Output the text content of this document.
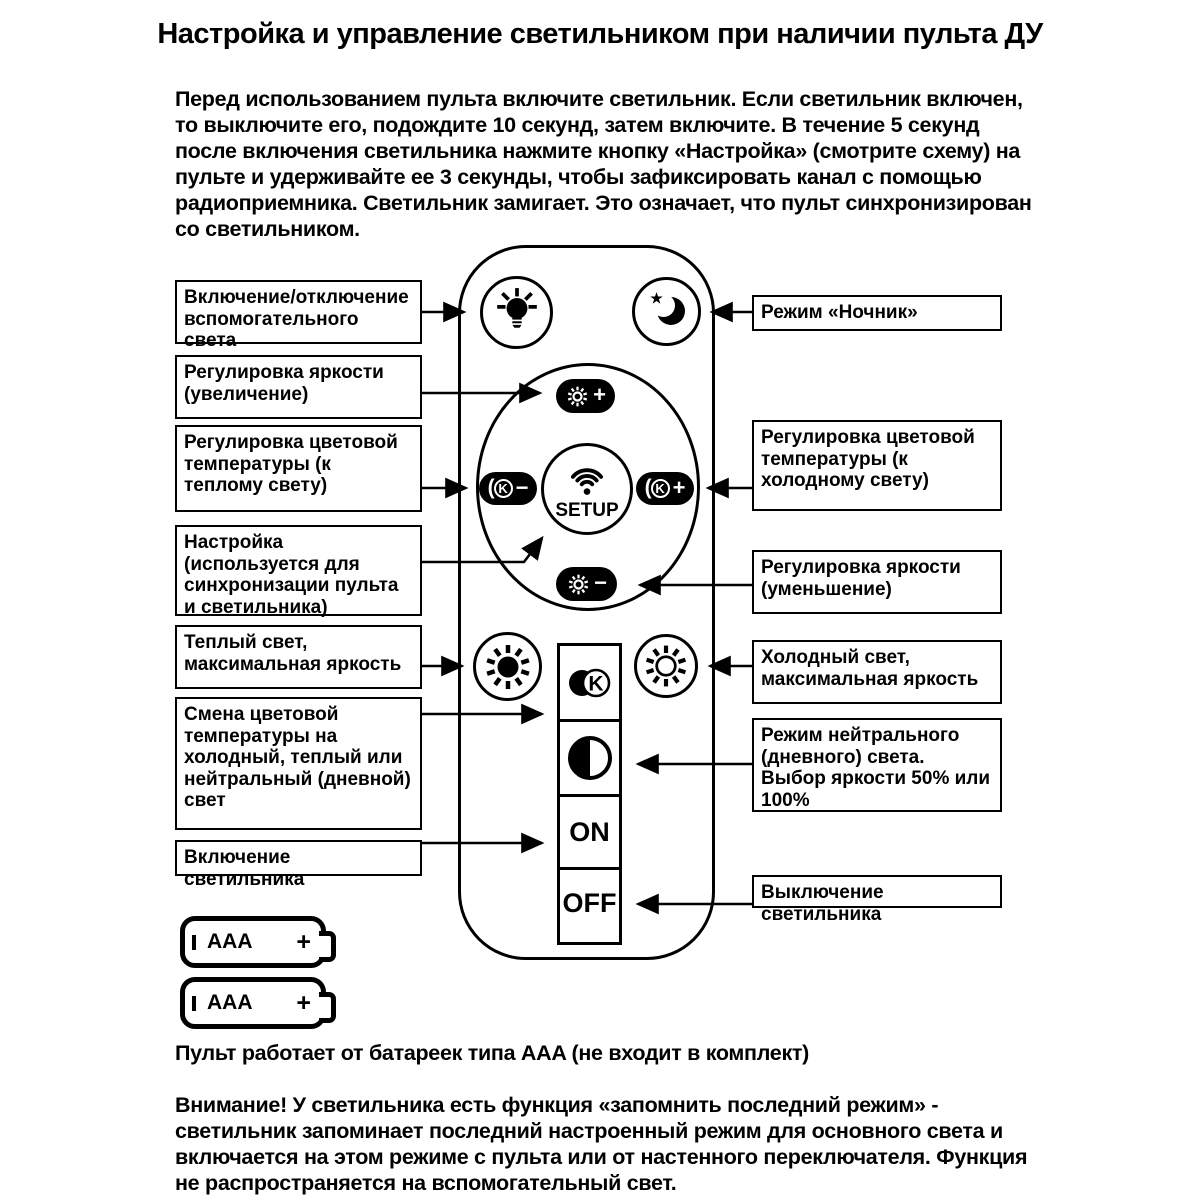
Настройка и управление светильником при наличии пульта ДУ
Перед использованием пульта включите светильник. Если светильник включен, то выключите его, подождите 10 секунд, затем включите. В течение 5 секунд после включения светильника нажмите кнопку «Настройка» (смотрите схему) на пульте и удерживайте ее 3 секунды, чтобы зафиксировать канал с помощью радиоприемника. Светильник замигает. Это означает, что пульт синхронизирован со светильником.
★
+
( K −	( K +
−
SETUP
K
ON
OFF
Включение/отключение вспомогательного света
Регулировка яркости (увеличение)
Регулировка цветовой температуры (к теплому свету)
Настройка (используется для синхронизации пульта и светильника)
Теплый свет, максимальная яркость
Смена цветовой температуры на холодный, теплый или нейтральный (дневной) свет
Включение светильника
Режим «Ночник»
Регулировка цветовой температуры (к холодному свету)
Регулировка яркости (уменьшение)
Холодный свет, максимальная яркость
Режим нейтрального (дневного) света. Выбор яркости 50% или 100%
Выключение светильника
AAA +
AAA +
Пульт работает от батареек типа AAA (не входит в комплект)
Внимание! У светильника есть функция «запомнить последний режим» - светильник запоминает последний настроенный режим для основного света и включается на этом режиме с пульта или от настенного переключателя. Функция не распространяется на вспомогательный свет.
